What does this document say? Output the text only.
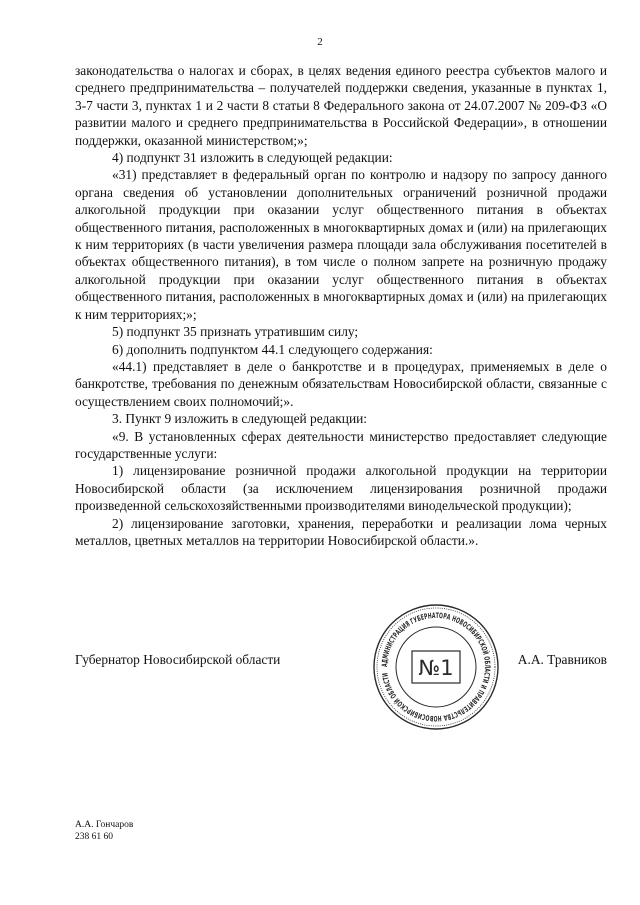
2

законодательства о налогах и сборах, в целях ведения единого реестра субъектов малого и среднего предпринимательства – получателей поддержки сведения, указанные в пунктах 1, 3-7 части 3, пунктах 1 и 2 части 8 статьи 8 Федерального закона от 24.07.2007 № 209-ФЗ «О развитии малого и среднего предпринимательства в Российской Федерации», в отношении поддержки, оказанной министерством;»;

4) подпункт 31 изложить в следующей редакции:

«31) представляет в федеральный орган по контролю и надзору по запросу данного органа сведения об установлении дополнительных ограничений розничной продажи алкогольной продукции при оказании услуг общественного питания в объектах общественного питания, расположенных в многоквартирных домах и (или) на прилегающих к ним территориях (в части увеличения размера площади зала обслуживания посетителей в объектах общественного питания), в том числе о полном запрете на розничную продажу алкогольной продукции при оказании услуг общественного питания в объектах общественного питания, расположенных в многоквартирных домах и (или) на прилегающих к ним территориях;»;

5) подпункт 35 признать утратившим силу;

6) дополнить подпунктом 44.1 следующего содержания:

«44.1) представляет в деле о банкротстве и в процедурах, применяемых в деле о банкротстве, требования по денежным обязательствам Новосибирской области, связанные с осуществлением своих полномочий;».

3. Пункт 9 изложить в следующей редакции:

«9. В установленных сферах деятельности министерство предоставляет следующие государственные услуги:

1) лицензирование розничной продажи алкогольной продукции на территории Новосибирской области (за исключением лицензирования розничной продажи произведенной сельскохозяйственными производителями винодельческой продукции);

2) лицензирование заготовки, хранения, переработки и реализации лома черных металлов, цветных металлов на территории Новосибирской области.».

Губернатор Новосибирской области	А.А. Травников
АДМИНИСТРАЦИЯ ГУБЕРНАТОРА НОВОСИБИРСКОЙ ОБЛАСТИ И ПРАВИТЕЛЬСТВА НОВОСИБИРСКОЙ ОБЛАСТИ	№1
А.А. Гончаров
238 61 60
